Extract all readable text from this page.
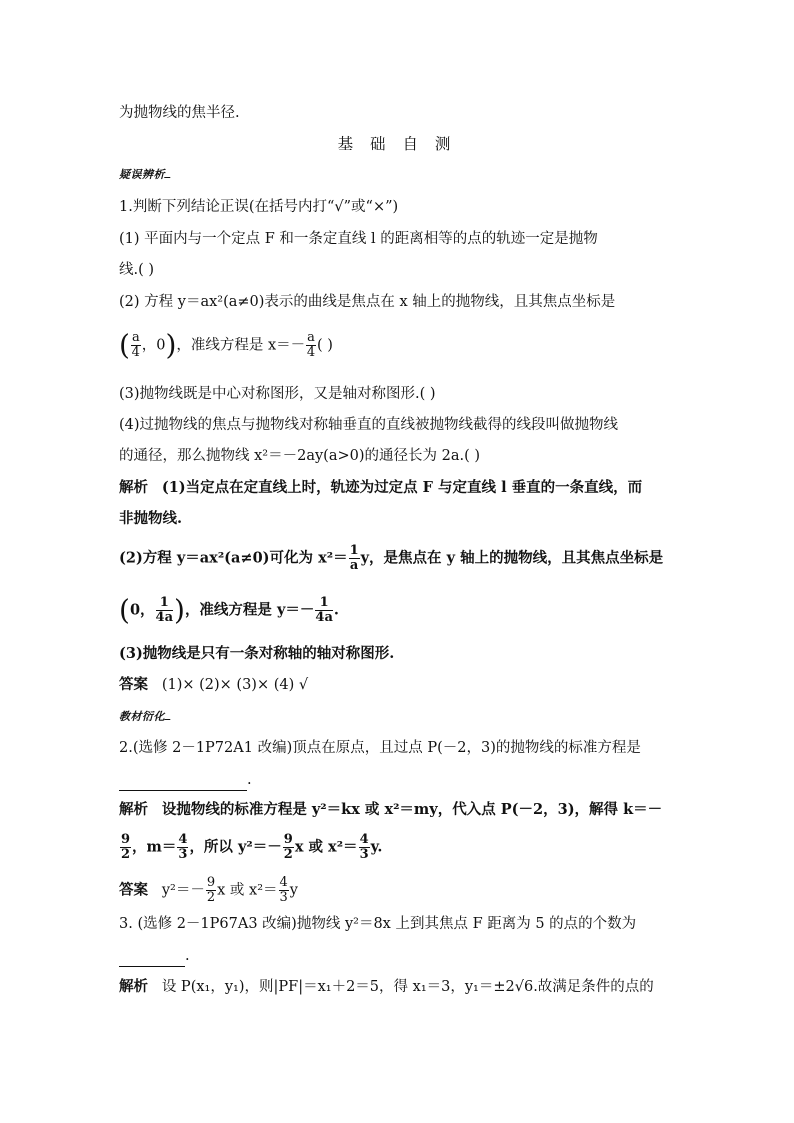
为抛物线的焦半径.
基 础 自 测
疑误辨析
1.判断下列结论正误(在括号内打“√”或“×”)
(1) 平面内与一个定点 F 和一条定直线 l 的距离相等的点的轨迹一定是抛物
线.( )
(2) 方程 y＝ax²(a≠0)表示的曲线是焦点在 x 轴上的抛物线，且其焦点坐标是
( $\frac{a}{4}$ ，0)，准线方程是 $x=- \frac{a}{4}$ ( )
(3)抛物线既是中心对称图形，又是轴对称图形.( )
(4)过抛物线的焦点与抛物线对称轴垂直的直线被抛物线截得的线段叫做抛物线
的通径，那么抛物线 x²＝－2ay(a>0)的通径长为 2a.( )
解析 (1)当定点在定直线上时，轨迹为过定点 F 与定直线 l 垂直的一条直线，而
非抛物线.
(2)方程 y＝ax²(a≠0)可化为 $x^2= \frac{1}{a}$ y，是焦点在 y 轴上的抛物线，且其焦点坐标是
(0， $\frac{1}{4a}$ )，准线方程是 $y=- \frac{1}{4a}$ .
(3)抛物线是只有一条对称轴的轴对称图形.
答案 (1)× (2)× (3)× (4) √
教材衍化
2.(选修 2－1P72A1 改编)顶点在原点，且过点 P(－2，3)的抛物线的标准方程是
.
解析 设抛物线的标准方程是 y²＝kx 或 x²＝my，代入点 P(－2，3)，解得 k＝－
$\frac{9}{2}$ ，$m= \frac{4}{3}$ ，所以 $y^2=- \frac{9}{2}$ x 或 $x^2= \frac{4}{3} y$.
答案 $y^2=- \frac{9}{2}$ x 或 $x^2= \frac{4}{3}$ y
3. (选修 2－1P67A3 改编)抛物线 y²＝8x 上到其焦点 F 距离为 5 的点的个数为
.
解析 设 P(x₁，y₁)，则|PF|＝x₁＋2＝5，得 x₁＝3，y₁＝±2√6.故满足条件的点的
